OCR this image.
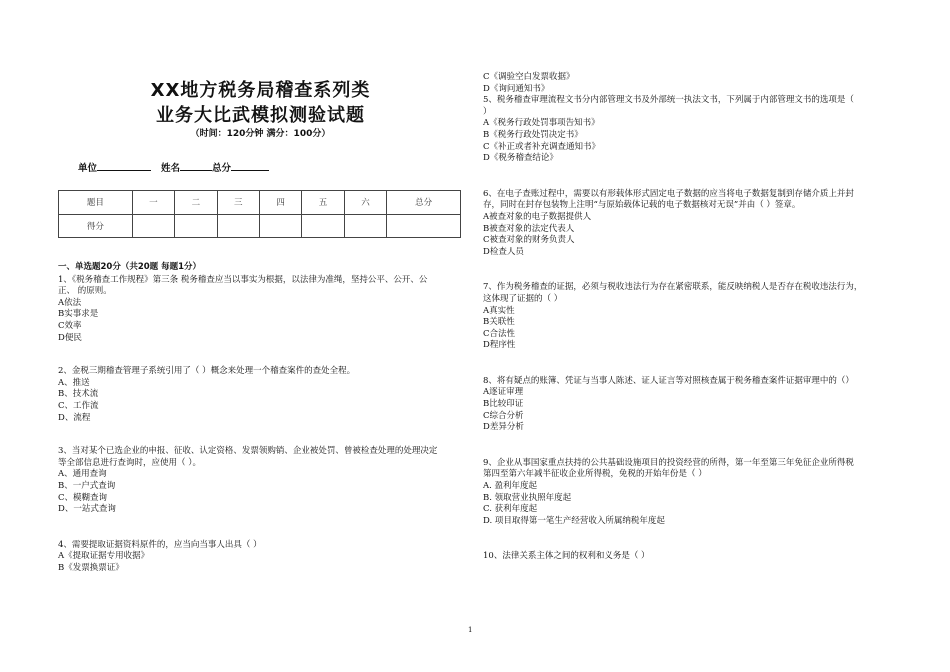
XX地方税务局稽查系列类
业务大比武模拟测验试题
（时间：120分钟 满分：100分）
单位	姓名	总分
题目	一	二	三	四	五	六	总分
得分							
一、单选题20分（共20题 每题1分）
1、《税务稽查工作规程》第三条 税务稽查应当以事实为根据，以法律为准绳，坚持公平、公开、公
正、 的原则。
A依法
B实事求是
C效率
D便民
2、金税三期稽查管理子系统引用了（ ）概念来处理一个稽查案件的查处全程。
A、推送
B、技术流
C、工作流
D、流程
3、当对某个已选企业的申报、征收、认定资格、发票领购销、企业被处罚、曾被检查处理的处理决定
等全部信息进行查询时，应使用（ ）。
A、通用查询
B、一户式查询
C、模糊查询
D、一站式查询
4、需要提取证据资料原件的，应当向当事人出具（ ）
A《提取证据专用收据》
B《发票换票证》
C《调验空白发票收据》
D《询问通知书》
5、税务稽查审理流程文书分内部管理文书及外部统一执法文书，下列属于内部管理文书的选项是（
）
A《税务行政处罚事项告知书》
B《税务行政处罚决定书》
C《补正或者补充调查通知书》
D《税务稽查结论》
6、在电子查账过程中，需要以有形载体形式固定电子数据的应当将电子数据复制到存储介质上并封
存，同时在封存包装物上注明“与原始载体记载的电子数据核对无误”并由（ ）签章。
A被查对象的电子数据提供人
B被查对象的法定代表人
C被查对象的财务负责人
D检查人员
7、作为税务稽查的证据，必须与税收违法行为存在紧密联系，能反映纳税人是否存在税收违法行为，
这体现了证据的（ ）
A真实性
B关联性
C合法性
D程序性
8、将有疑点的账簿、凭证与当事人陈述、证人证言等对照核查属于税务稽查案件证据审理中的（）
A逐证审理
B比较印证
C综合分析
D差异分析
9、企业从事国家重点扶持的公共基础设施项目的投资经营的所得，第一年至第三年免征企业所得税
第四至第六年减半征收企业所得税，免税的开始年份是（ ）
A. 盈利年度起
B. 领取营业执照年度起
C. 获利年度起
D. 项目取得第一笔生产经营收入所属纳税年度起
10、法律关系主体之间的权利和义务是（ ）
1
